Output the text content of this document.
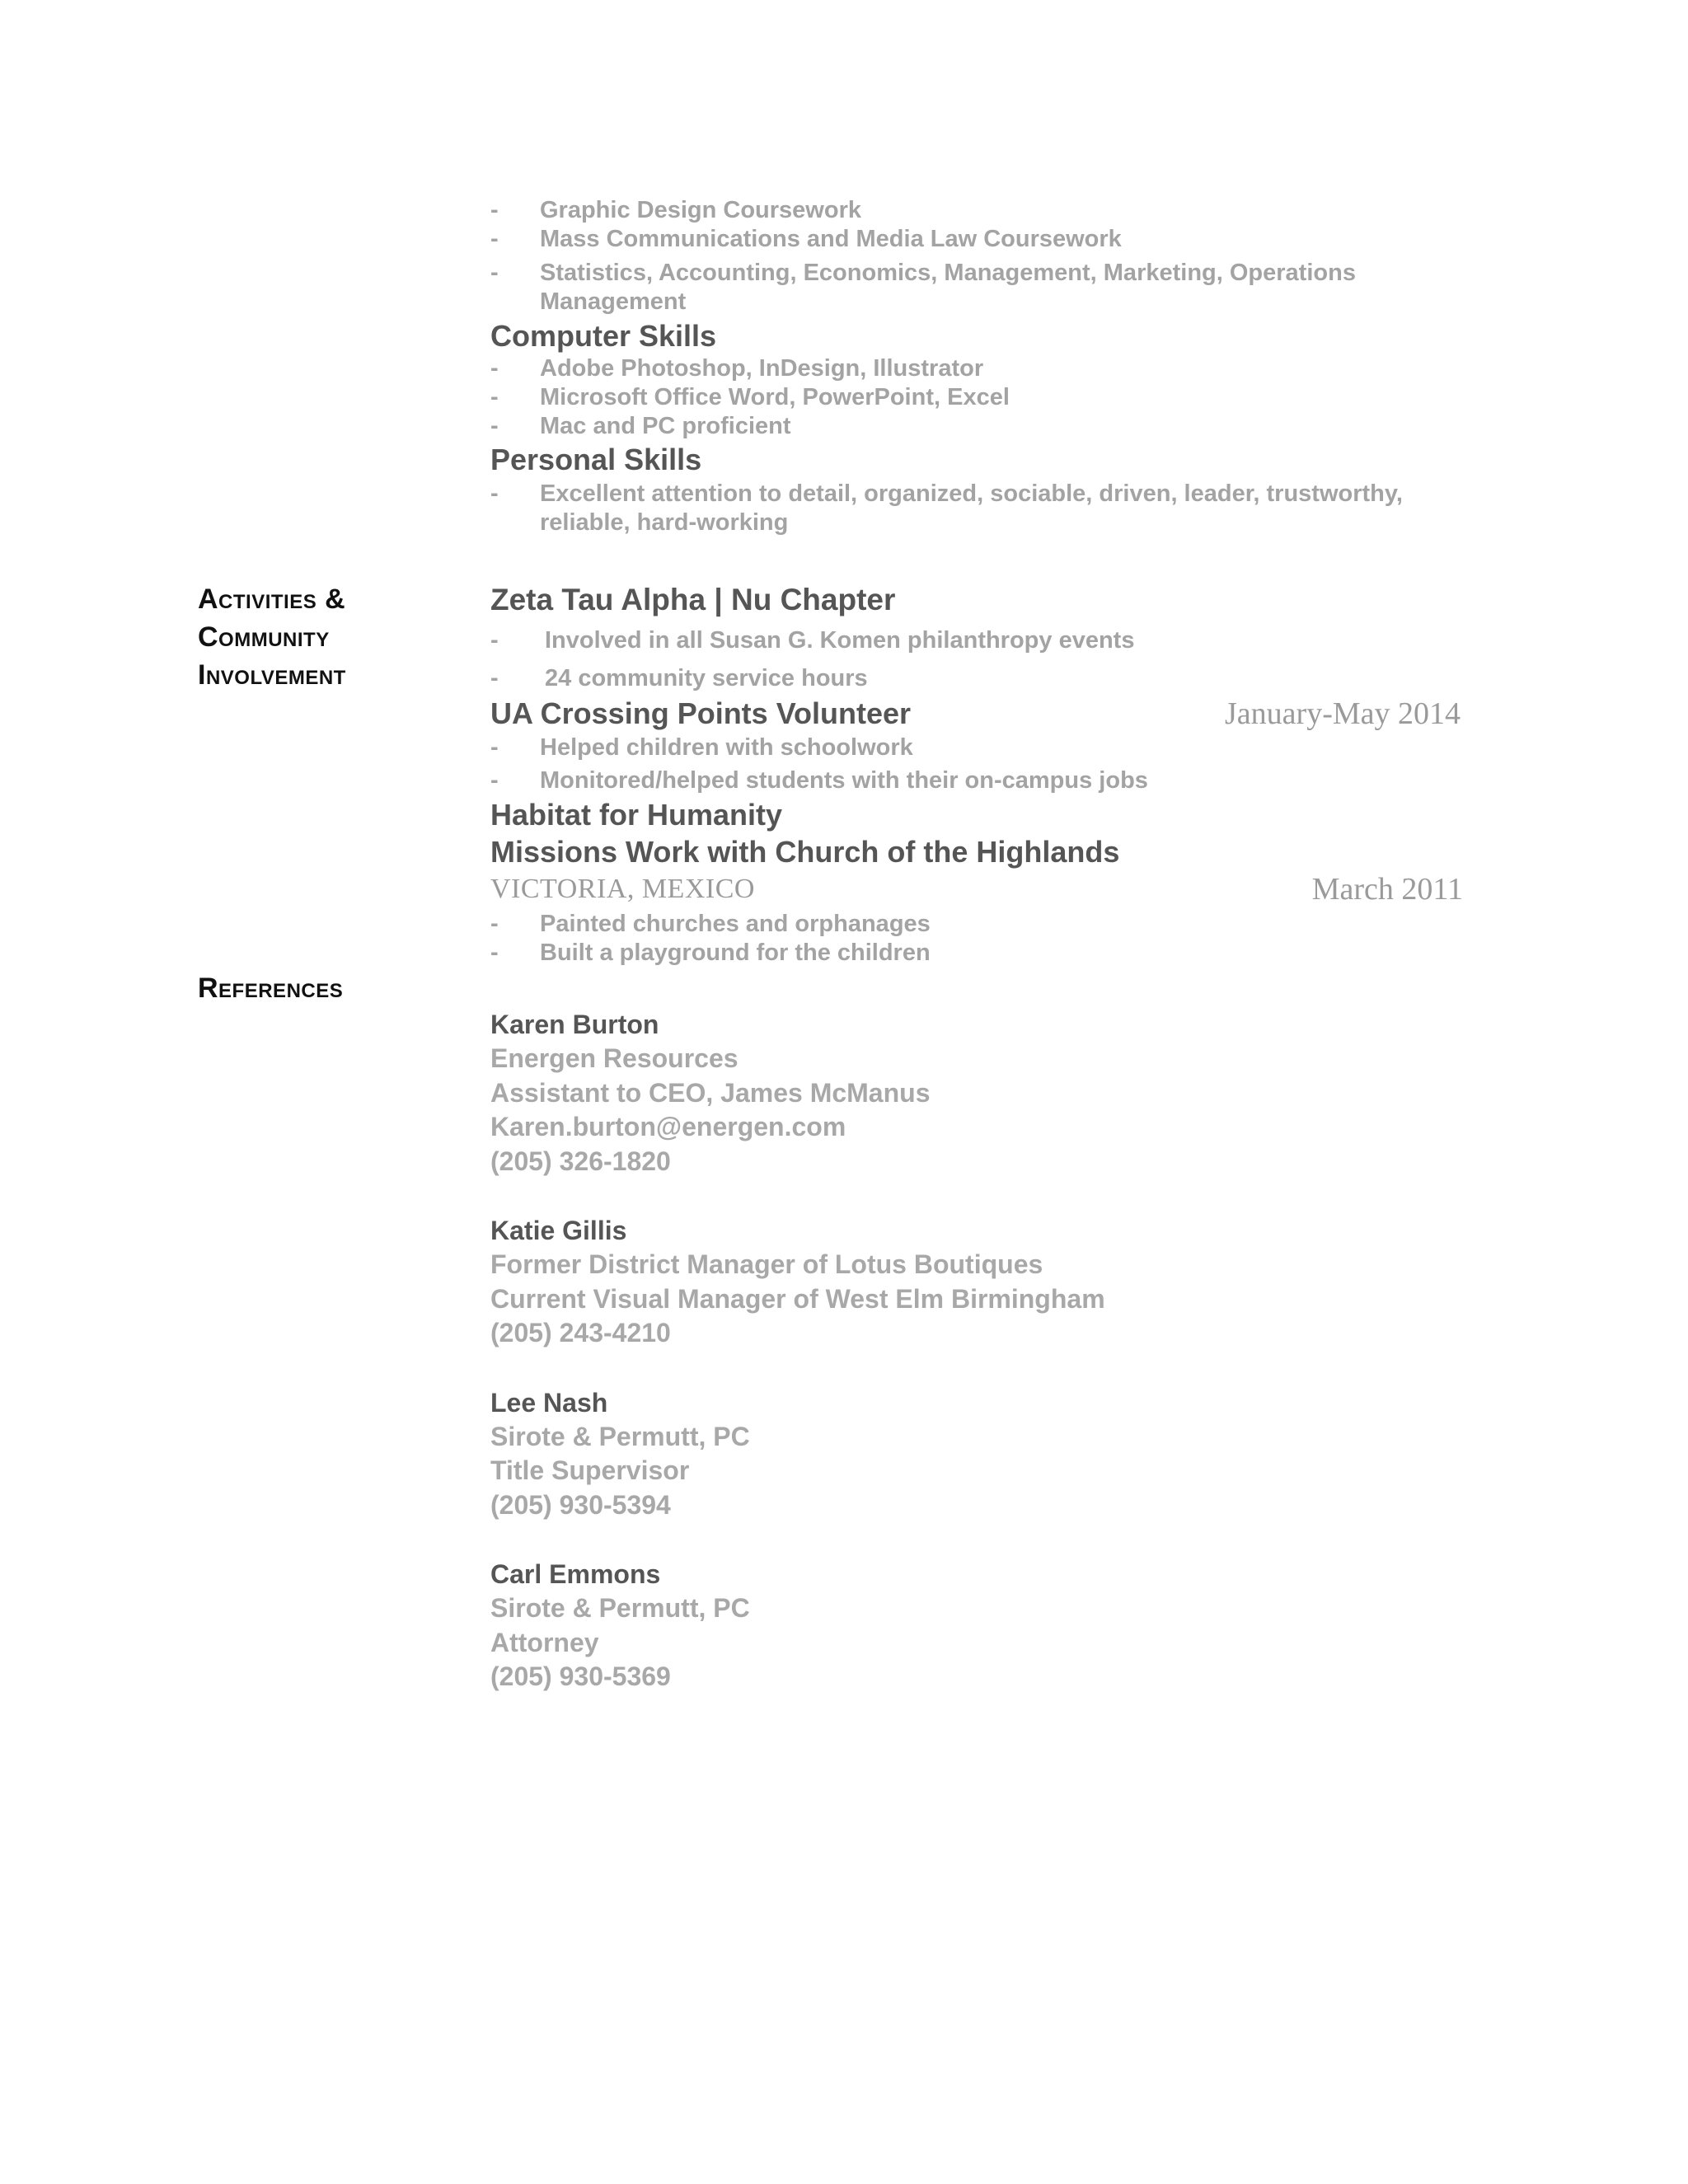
- Graphic Design Coursework
- Mass Communications and Media Law Coursework
- Statistics, Accounting, Economics, Management, Marketing, Operations Management
Computer Skills
- Adobe Photoshop, InDesign, Illustrator
- Microsoft Office Word, PowerPoint, Excel
- Mac and PC proficient
Personal Skills
- Excellent attention to detail, organized, sociable, driven, leader, trustworthy, reliable, hard-working
Activities &
Community
Involvement
Zeta Tau Alpha | Nu Chapter
- Involved in all Susan G. Komen philanthropy events
- 24 community service hours
UA Crossing Points Volunteer	January-May 2014
- Helped children with schoolwork
- Monitored/helped students with their on-campus jobs
Habitat for Humanity
Missions Work with Church of the Highlands
VICTORIA, MEXICO	March 2011
- Painted churches and orphanages
- Built a playground for the children
References
Karen Burton
Energen Resources
Assistant to CEO, James McManus
Karen.burton@energen.com
(205) 326-1820
Katie Gillis
Former District Manager of Lotus Boutiques
Current Visual Manager of West Elm Birmingham
(205) 243-4210
Lee Nash
Sirote & Permutt, PC
Title Supervisor
(205) 930-5394
Carl Emmons
Sirote & Permutt, PC
Attorney
(205) 930-5369
